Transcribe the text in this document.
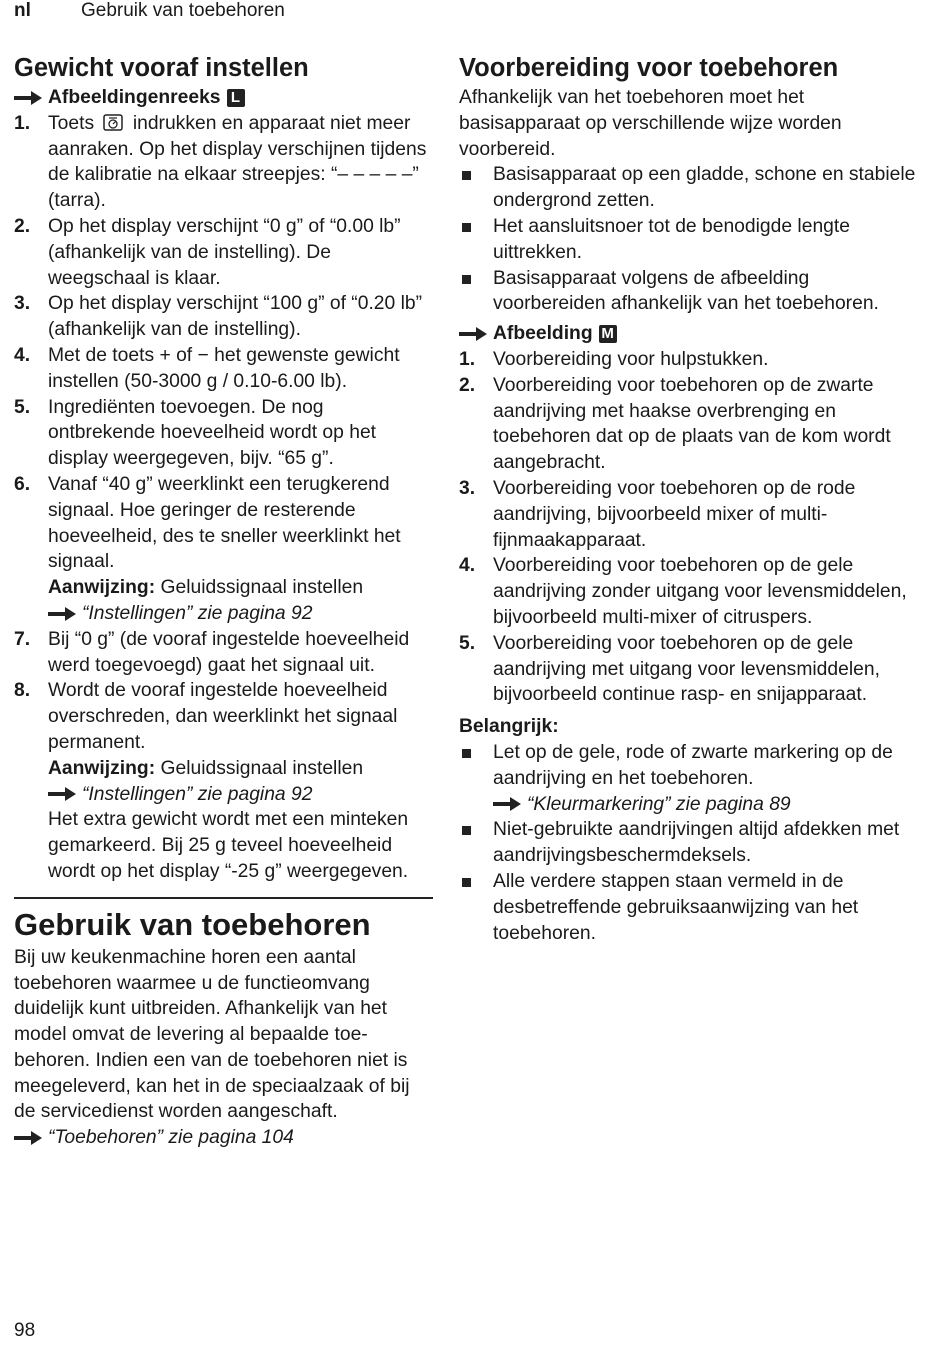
nl	Gebruik van toebehoren
Gewicht vooraf instellen
Afbeeldingenreeks L
1. Toets indrukken en apparaat niet meer aanraken. Op het display verschijnen tijdens de kalibratie na elkaar streepjes: “– – – – –” (tarra).
2. Op het display verschijnt “0 g” of “0.00 lb” (afhankelijk van de instelling). De weegschaal is klaar.
3. Op het display verschijnt “100 g” of “0.20 lb” (afhankelijk van de instelling).
4. Met de toets + of − het gewenste gewicht instellen (50-3000 g / 0.10-6.00 lb).
5. Ingrediënten toevoegen. De nog ontbrekende hoeveelheid wordt op het display weergegeven, bijv. “65 g”.
6. Vanaf “40 g” weerklinkt een terugkerend signaal. Hoe geringer de resterende hoeveelheid, des te sneller weerklinkt het signaal.
Aanwijzing: Geluidssignaal instellen
“Instellingen” zie pagina 92
7. Bij “0 g” (de vooraf ingestelde hoeveelheid werd toegevoegd) gaat het signaal uit.
8. Wordt de vooraf ingestelde hoeveelheid overschreden, dan weerklinkt het signaal permanent.
Aanwijzing: Geluidssignaal instellen
“Instellingen” zie pagina 92
Het extra gewicht wordt met een minteken gemarkeerd. Bij 25 g teveel hoeveelheid wordt op het display “-25 g” weergegeven.
Gebruik van toebehoren
Bij uw keukenmachine horen een aantal toebehoren waarmee u de functieomvang duidelijk kunt uitbreiden. Afhankelijk van het model omvat de levering al bepaalde toe-behoren. Indien een van de toebehoren niet is meegeleverd, kan het in de speciaalzaak of bij de servicedienst worden aangeschaft.
“Toebehoren” zie pagina 104
Voorbereiding voor toebehoren
Afhankelijk van het toebehoren moet het basisapparaat op verschillende wijze worden voorbereid.
Basisapparaat op een gladde, schone en stabiele ondergrond zetten.
Het aansluitsnoer tot de benodigde lengte uittrekken.
Basisapparaat volgens de afbeelding voorbereiden afhankelijk van het toebehoren.
Afbeelding M
1. Voorbereiding voor hulpstukken.
2. Voorbereiding voor toebehoren op de zwarte aandrijving met haakse overbrenging en toebehoren dat op de plaats van de kom wordt aangebracht.
3. Voorbereiding voor toebehoren op de rode aandrijving, bijvoorbeeld mixer of multi-fijnmaakapparaat.
4. Voorbereiding voor toebehoren op de gele aandrijving zonder uitgang voor levensmiddelen, bijvoorbeeld multi-mixer of citruspers.
5. Voorbereiding voor toebehoren op de gele aandrijving met uitgang voor levensmiddelen, bijvoorbeeld continue rasp- en snijapparaat.
Belangrijk:
Let op de gele, rode of zwarte markering op de aandrijving en het toebehoren.
“Kleurmarkering” zie pagina 89
Niet-gebruikte aandrijvingen altijd afdekken met aandrijvingsbeschermdeksels.
Alle verdere stappen staan vermeld in de desbetreffende gebruiksaanwijzing van het toebehoren.
98
